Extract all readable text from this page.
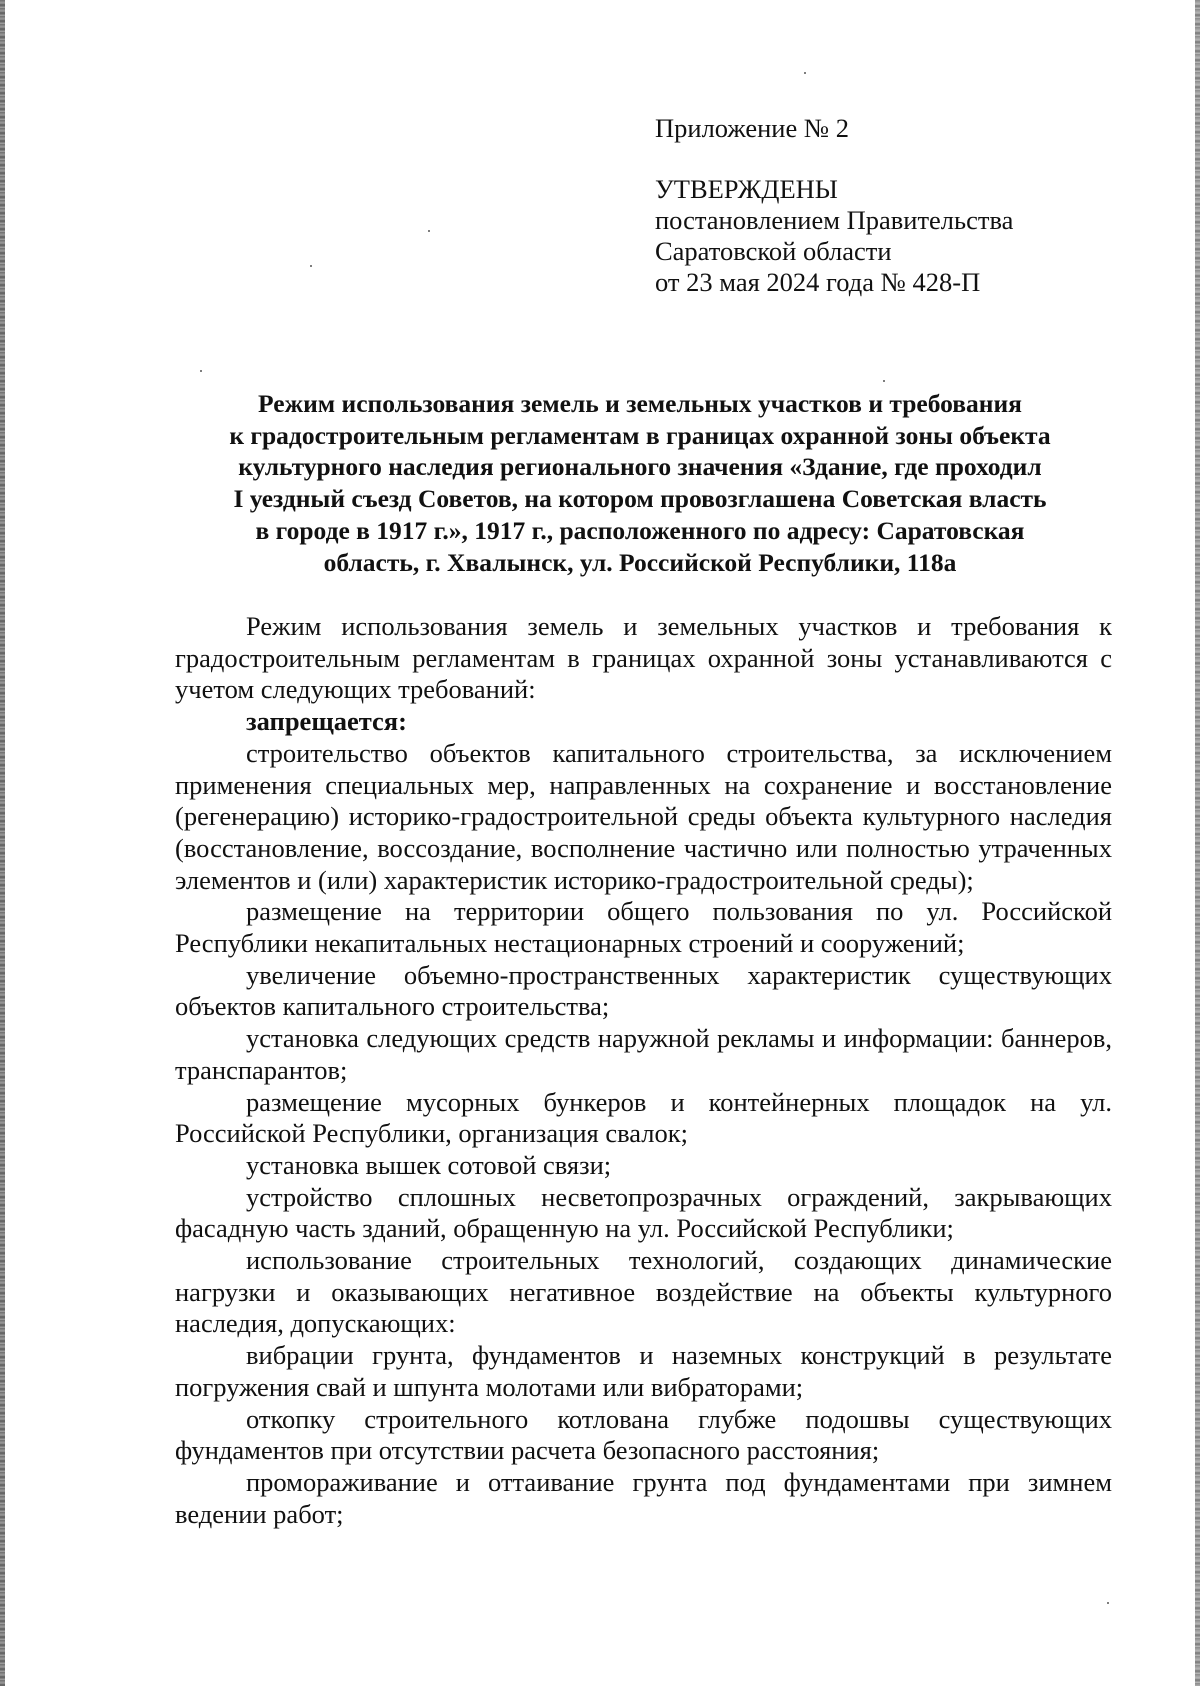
Приложение № 2
УТВЕРЖДЕНЫ
постановлением Правительства
Саратовской области
от 23 мая 2024 года № 428-П
Режим использования земель и земельных участков и требования
к градостроительным регламентам в границах охранной зоны объекта
культурного наследия регионального значения «Здание, где проходил
I уездный съезд Советов, на котором провозглашена Советская власть
в городе в 1917 г.», 1917 г., расположенного по адресу: Саратовская
область, г. Хвалынск, ул. Российской Республики, 118а

Режим использования земель и земельных участков и требования к градостроительным регламентам в границах охранной зоны устанавливаются с учетом следующих требований:

запрещается:

строительство объектов капитального строительства, за исключением применения специальных мер, направленных на сохранение и восстановление (регенерацию) историко-градостроительной среды объекта культурного наследия (восстановление, воссоздание, восполнение частично или полностью утраченных элементов и (или) характеристик историко-градостроительной среды);

размещение на территории общего пользования по ул. Российской Республики некапитальных нестационарных строений и сооружений;

увеличение объемно-пространственных характеристик существующих объектов капитального строительства;

установка следующих средств наружной рекламы и информации: баннеров, транспарантов;

размещение мусорных бункеров и контейнерных площадок на ул. Российской Республики, организация свалок;

установка вышек сотовой связи;

устройство сплошных несветопрозрачных ограждений, закрывающих фасадную часть зданий, обращенную на ул. Российской Республики;

использование строительных технологий, создающих динамические нагрузки и оказывающих негативное воздействие на объекты культурного наследия, допускающих:

вибрации грунта, фундаментов и наземных конструкций в результате погружения свай и шпунта молотами или вибраторами;

откопку строительного котлована глубже подошвы существующих фундаментов при отсутствии расчета безопасного расстояния;

промораживание и оттаивание грунта под фундаментами при зимнем ведении работ;
